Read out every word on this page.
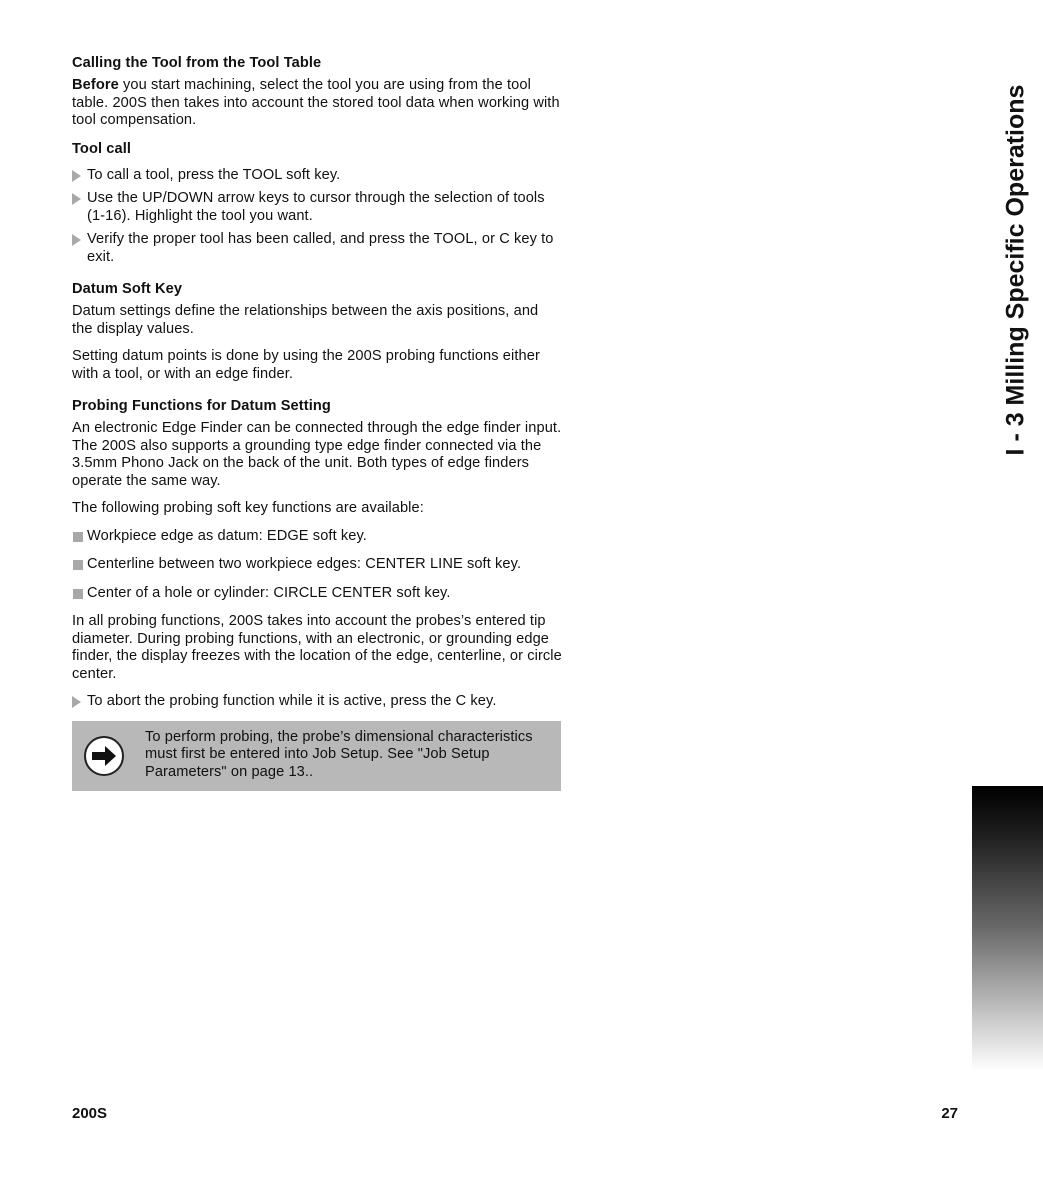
Calling the Tool from the Tool Table

Before you start machining, select the tool you are using from the tool table. 200S then takes into account the stored tool data when working with tool compensation.

Tool call
To call a tool, press the TOOL soft key.
Use the UP/DOWN arrow keys to cursor through the selection of tools (1-16). Highlight the tool you want.
Verify the proper tool has been called, and press the TOOL, or C key to exit.
Datum Soft Key

Datum settings define the relationships between the axis positions, and the display values.

Setting datum points is done by using the 200S probing functions either with a tool, or with an edge finder.

Probing Functions for Datum Setting

An electronic Edge Finder can be connected through the edge finder input. The 200S also supports a grounding type edge finder connected via the 3.5mm Phono Jack on the back of the unit. Both types of edge finders operate the same way.

The following probing soft key functions are available:

Workpiece edge as datum: EDGE soft key.
Centerline between two workpiece edges: CENTER LINE soft key.
Center of a hole or cylinder: CIRCLE CENTER soft key.

In all probing functions, 200S takes into account the probes’s entered tip diameter. During probing functions, with an electronic, or grounding edge finder, the display freezes with the location of the edge, centerline, or circle center.

To abort the probing function while it is active, press the C key.
To perform probing, the probe’s dimensional characteristics must first be entered into Job Setup. See "Job Setup Parameters" on page 13..
I - 3 Milling Specific Operations
200S	27
